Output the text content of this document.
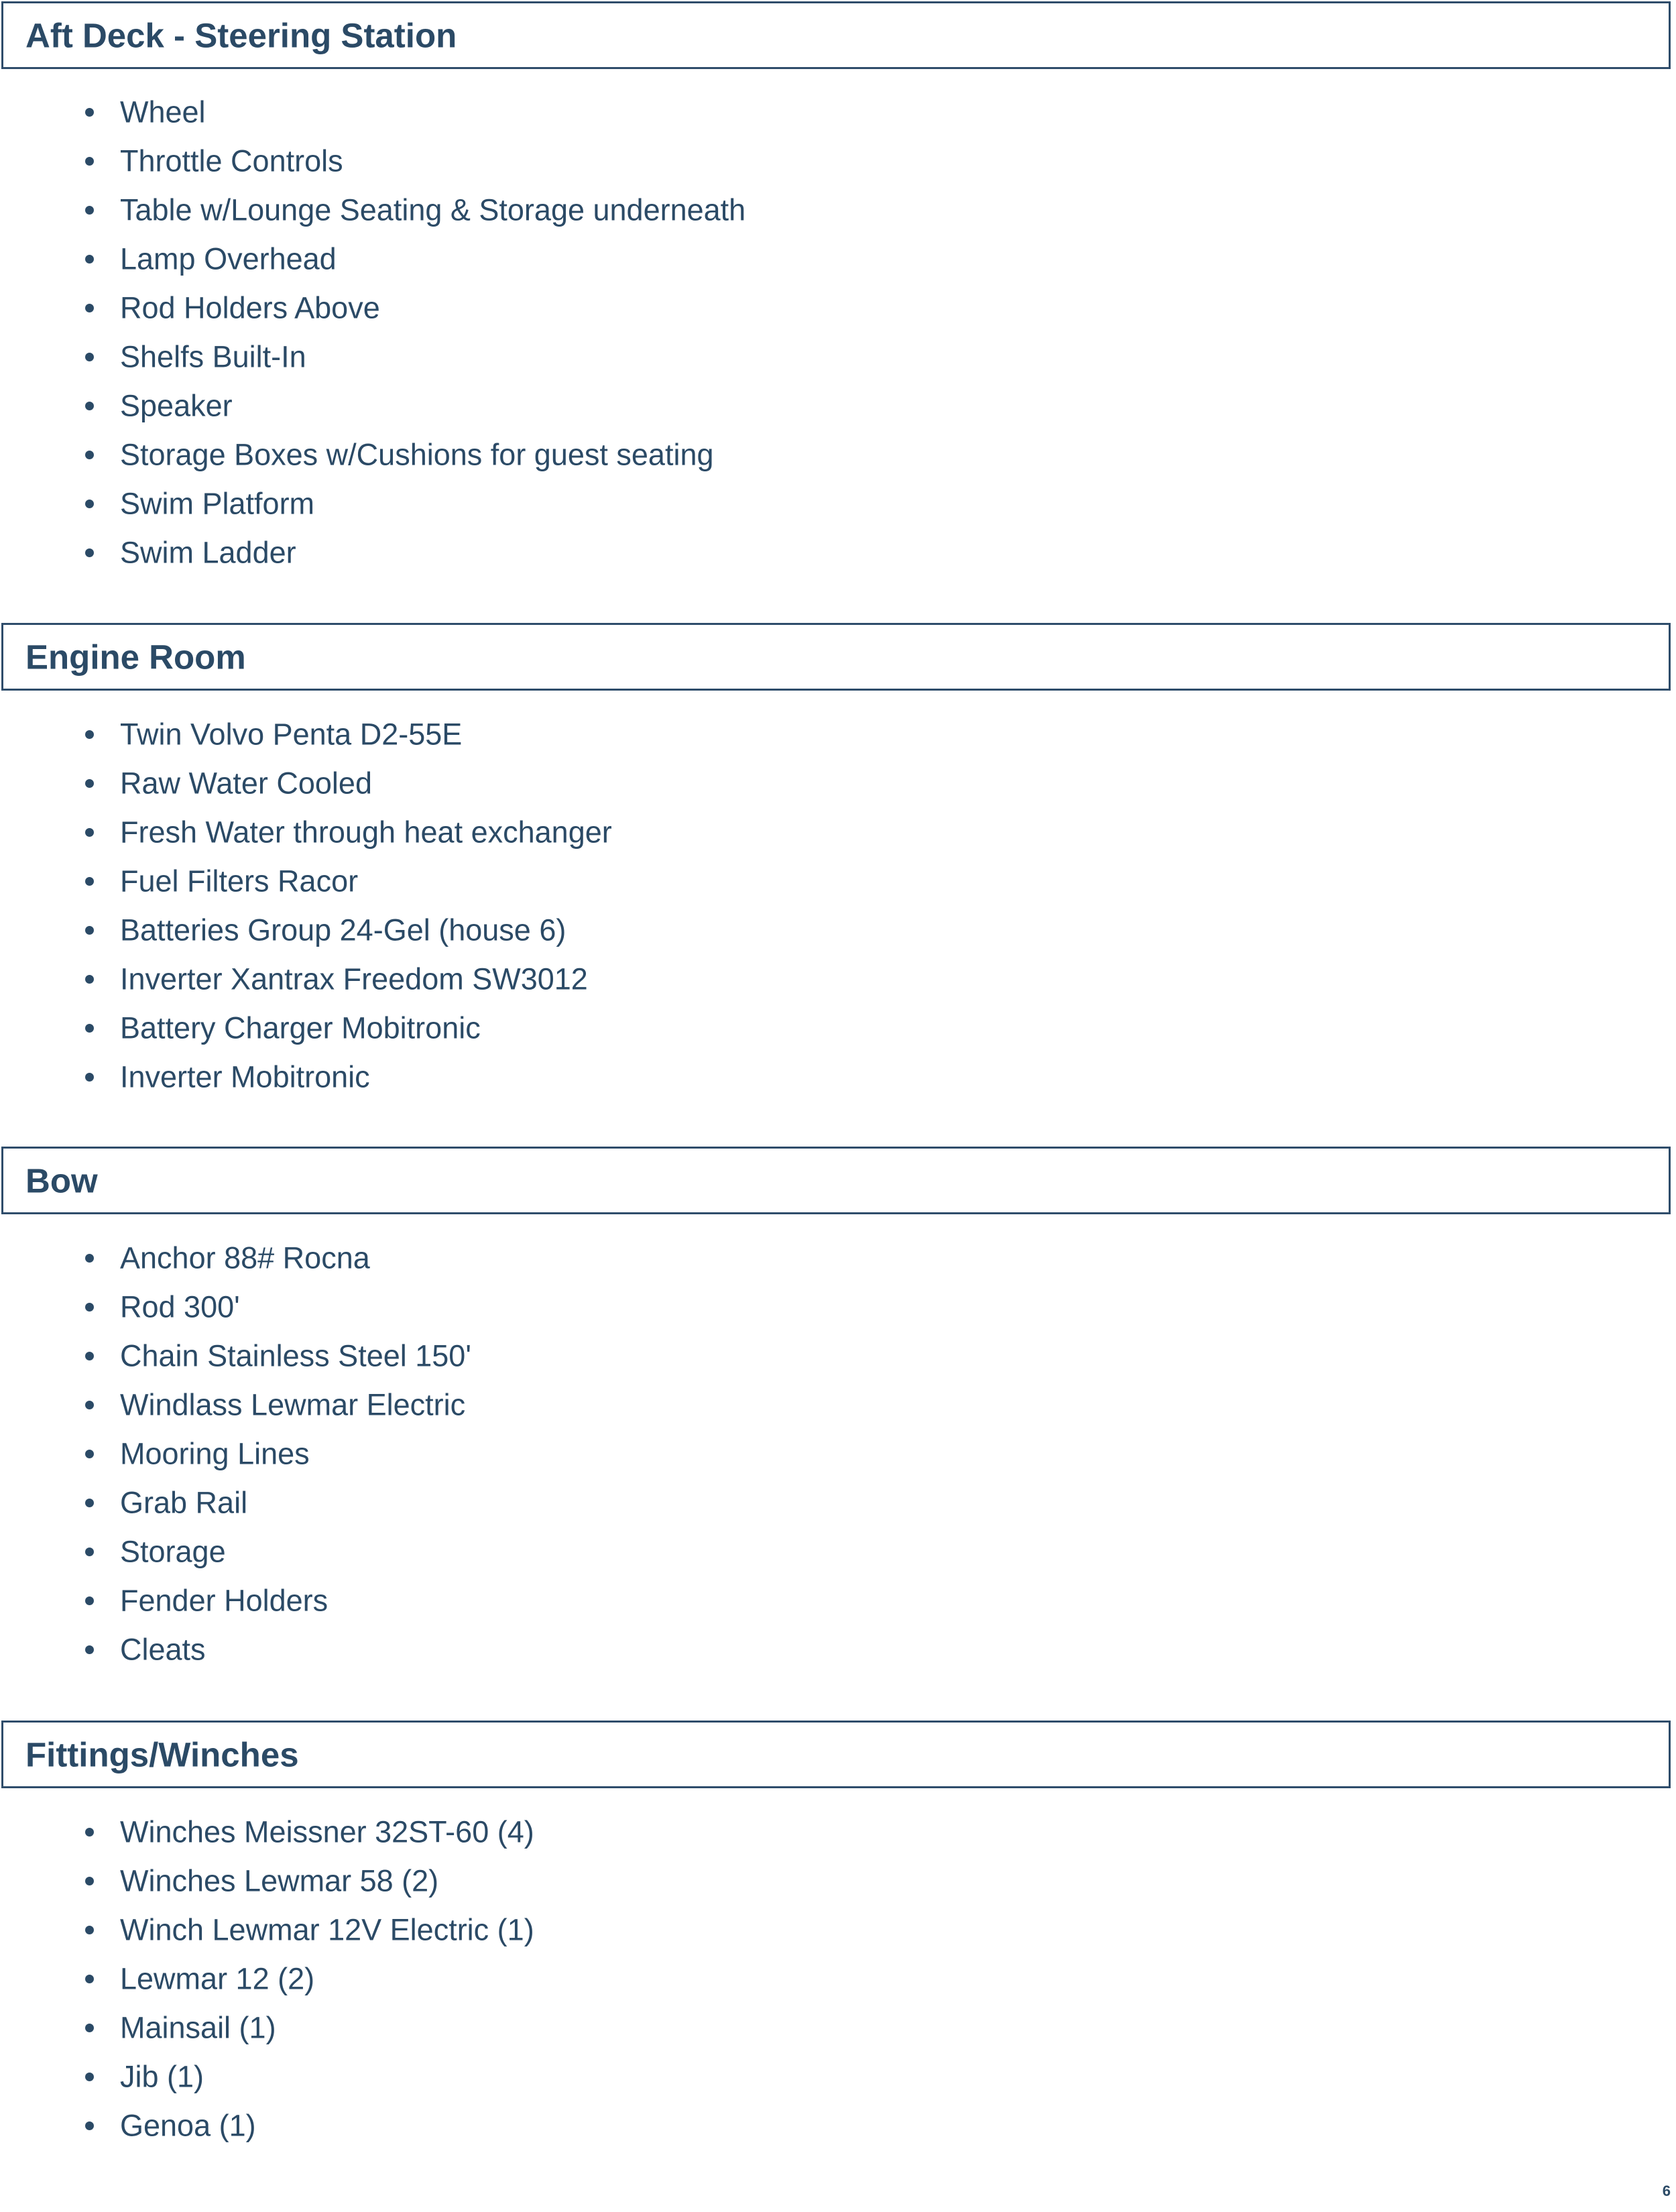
Aft Deck - Steering Station
Wheel
Throttle Controls
Table w/Lounge Seating & Storage underneath
Lamp Overhead
Rod Holders Above
Shelfs Built-In
Speaker
Storage Boxes w/Cushions for guest seating
Swim Platform
Swim Ladder
Engine Room
Twin Volvo Penta D2-55E
Raw Water Cooled
Fresh Water through heat exchanger
Fuel Filters Racor
Batteries Group 24-Gel (house 6)
Inverter Xantrax Freedom SW3012
Battery Charger Mobitronic
Inverter Mobitronic
Bow
Anchor 88# Rocna
Rod 300'
Chain Stainless Steel 150'
Windlass Lewmar Electric
Mooring Lines
Grab Rail
Storage
Fender Holders
Cleats
Fittings/Winches
Winches Meissner 32ST-60 (4)
Winches Lewmar 58 (2)
Winch Lewmar 12V Electric (1)
Lewmar 12 (2)
Mainsail (1)
Jib (1)
Genoa (1)
6
